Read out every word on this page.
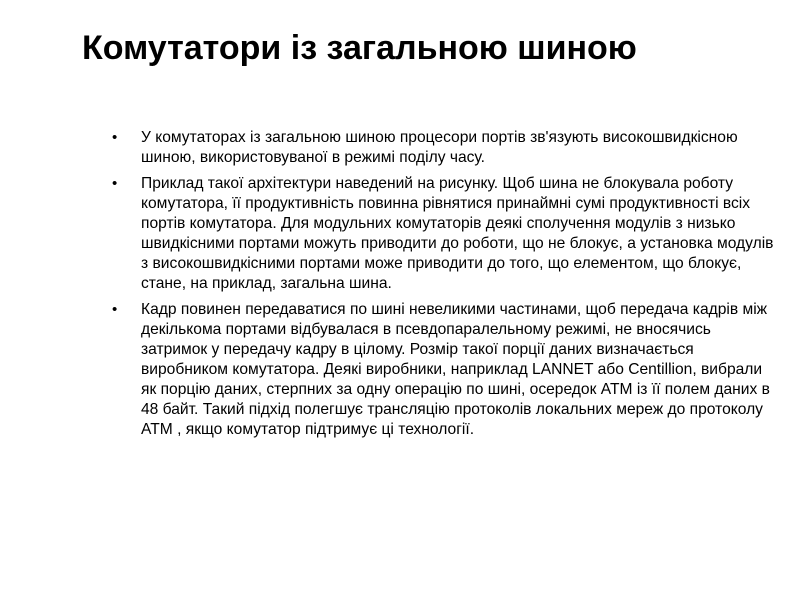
Комутатори із загальною шиною
•	У комутаторах із загальною шиною процесори портів зв'язують високошвидкісною шиною, використовуваної в режимі поділу часу.
•	Приклад такої архітектури наведений на рисунку. Щоб шина не блокувала роботу комутатора, її продуктивність повинна рівнятися принаймні сумі продуктивності всіх портів комутатора. Для модульних комутаторів деякі сполучення модулів з низько швидкісними портами можуть приводити до роботи, що не блокує, а установка модулів з високошвидкісними портами може приводити до того, що елементом, що блокує, стане, на приклад, загальна шина.
•	Кадр повинен передаватися по шині невеликими частинами, щоб передача кадрів між декількома портами відбувалася в псевдопаралельному режимі, не вносячись затримок у передачу кадру в цілому. Розмір такої порції даних визначається виробником комутатора. Деякі виробники, наприклад LANNET або Centillion, вибрали як порцію даних, стерпних за одну операцію по шині, осередок ATM із її полем даних в 48 байт. Такий підхід полегшує трансляцію протоколів локальних мереж до протоколу ATM , якщо комутатор підтримує ці технології.
